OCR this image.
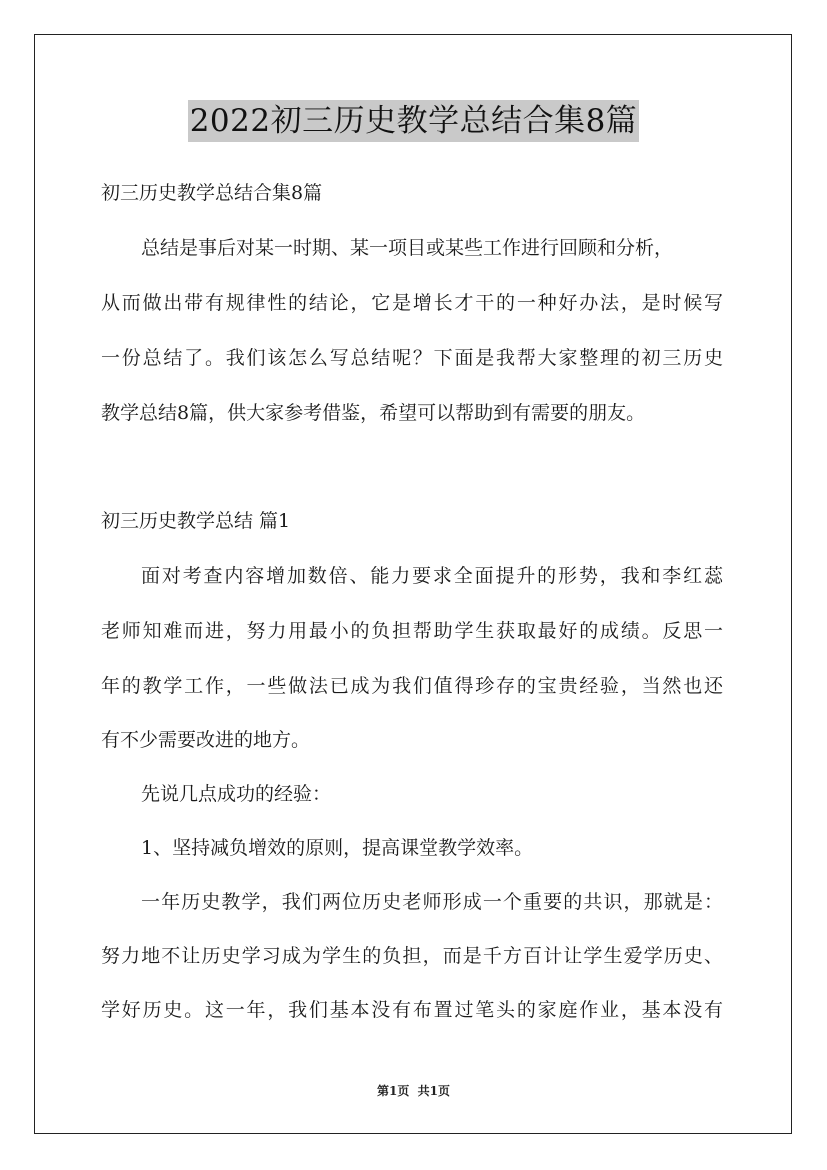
2022初三历史教学总结合集8篇
初三历史教学总结合集8篇
总结是事后对某一时期、某一项目或某些工作进行回顾和分析，
从而做出带有规律性的结论，它是增长才干的一种好办法，是时候写
一份总结了。我们该怎么写总结呢？下面是我帮大家整理的初三历史
教学总结8篇，供大家参考借鉴，希望可以帮助到有需要的朋友。
初三历史教学总结 篇1
面对考查内容增加数倍、能力要求全面提升的形势，我和李红蕊
老师知难而进，努力用最小的负担帮助学生获取最好的成绩。反思一
年的教学工作，一些做法已成为我们值得珍存的宝贵经验，当然也还
有不少需要改进的地方。
先说几点成功的经验：
1、坚持减负增效的原则，提高课堂教学效率。
一年历史教学，我们两位历史老师形成一个重要的共识，那就是：
努力地不让历史学习成为学生的负担，而是千方百计让学生爱学历史、
学好历史。这一年，我们基本没有布置过笔头的家庭作业，基本没有
第1页  共1页
